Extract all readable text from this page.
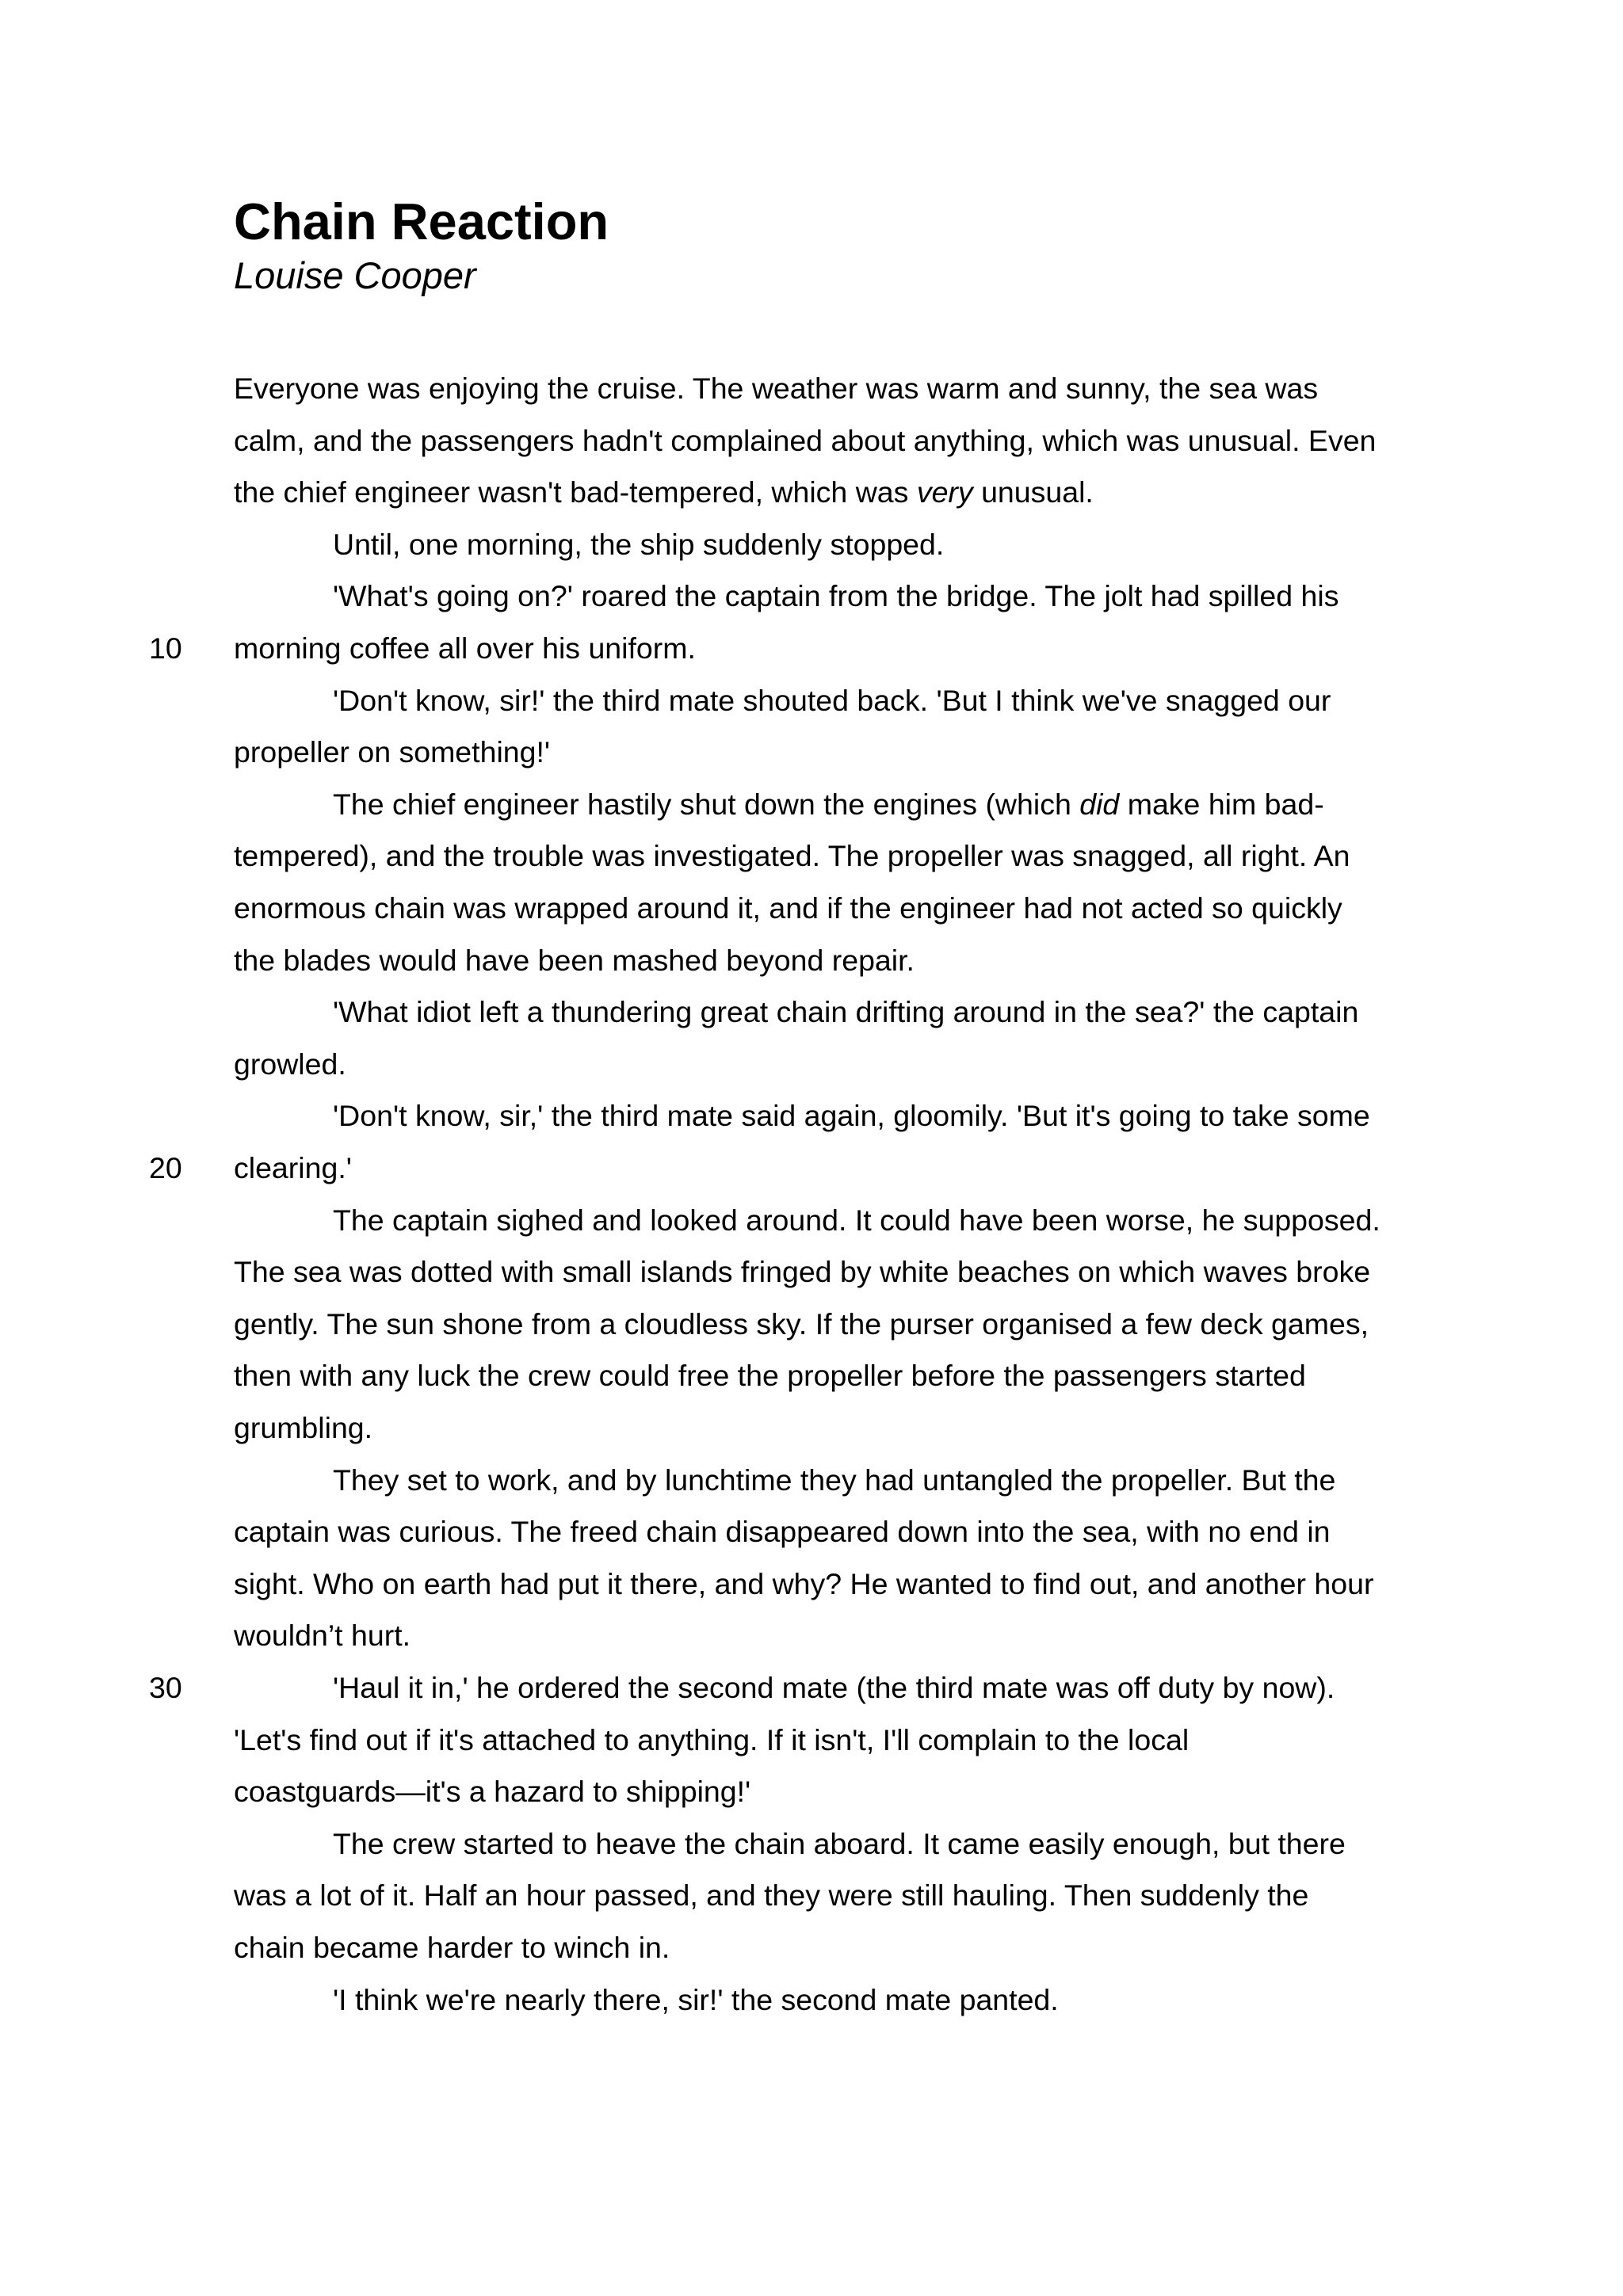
Chain Reaction
Louise Cooper
10
20
30
Everyone was enjoying the cruise. The weather was warm and sunny, the sea was
calm, and the passengers hadn't complained about anything, which was unusual. Even
the chief engineer wasn't bad-tempered, which was very unusual.
Until, one morning, the ship suddenly stopped.
'What's going on?' roared the captain from the bridge. The jolt had spilled his
morning coffee all over his uniform.
'Don't know, sir!' the third mate shouted back. 'But I think we've snagged our
propeller on something!'
The chief engineer hastily shut down the engines (which did make him bad-
tempered), and the trouble was investigated. The propeller was snagged, all right. An
enormous chain was wrapped around it, and if the engineer had not acted so quickly
the blades would have been mashed beyond repair.
'What idiot left a thundering great chain drifting around in the sea?' the captain
growled.
'Don't know, sir,' the third mate said again, gloomily. 'But it's going to take some
clearing.'
The captain sighed and looked around. It could have been worse, he supposed.
The sea was dotted with small islands fringed by white beaches on which waves broke
gently. The sun shone from a cloudless sky. If the purser organised a few deck games,
then with any luck the crew could free the propeller before the passengers started
grumbling.
They set to work, and by lunchtime they had untangled the propeller. But the
captain was curious. The freed chain disappeared down into the sea, with no end in
sight. Who on earth had put it there, and why? He wanted to find out, and another hour
wouldn’t hurt.
'Haul it in,' he ordered the second mate (the third mate was off duty by now).
'Let's find out if it's attached to anything. If it isn't, I'll complain to the local
coastguards—it's a hazard to shipping!'
The crew started to heave the chain aboard. It came easily enough, but there
was a lot of it. Half an hour passed, and they were still hauling. Then suddenly the
chain became harder to winch in.
'I think we're nearly there, sir!' the second mate panted.
